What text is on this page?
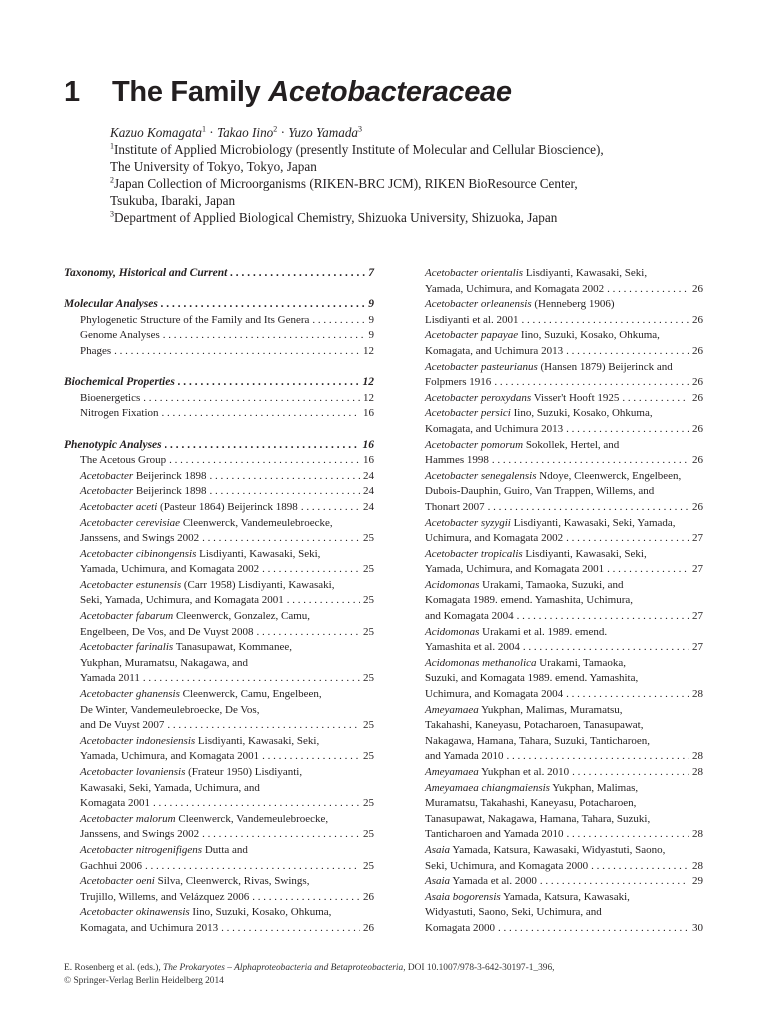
1 The Family Acetobacteraceae
Kazuo Komagata$^1$ · Takao Iino$^2$ · Yuzo Yamada$^3$
$^1$Institute of Applied Microbiology (presently Institute of Molecular and Cellular Bioscience),
The University of Tokyo, Tokyo, Japan
$^2$Japan Collection of Microorganisms (RIKEN-BRC JCM), RIKEN BioResource Center,
Tsukuba, Ibaraki, Japan
$^3$Department of Applied Biological Chemistry, Shizuoka University, Shizuoka, Japan
Taxonomy, Historical and Current . . .	7
Molecular Analyses . . .	9
Phylogenetic Structure of the Family and Its Genera . . .	9
Genome Analyses . . .	9
Phages . . .	12
Biochemical Properties . . .	12
Bioenergetics . . .	12
Nitrogen Fixation . . .	16
Phenotypic Analyses . . .	16
The Acetous Group . . .	16
Acetobacter Beijerinck 1898 . . .	24
Acetobacter Beijerinck 1898 . . .	24
Acetobacter aceti (Pasteur 1864) Beijerinck 1898 . . .	24
Acetobacter cerevisiae Cleenwerck, Vandemeulebroecke,
Janssens, and Swings 2002 . . .	25
Acetobacter cibinongensis Lisdiyanti, Kawasaki, Seki,
Yamada, Uchimura, and Komagata 2002 . . .	25
Acetobacter estunensis (Carr 1958) Lisdiyanti, Kawasaki,
Seki, Yamada, Uchimura, and Komagata 2001 . . .	25
Acetobacter fabarum Cleenwerck, Gonzalez, Camu,
Engelbeen, De Vos, and De Vuyst 2008 . . .	25
Acetobacter farinalis Tanasupawat, Kommanee,
Yukphan, Muramatsu, Nakagawa, and
Yamada 2011 . . .	25
Acetobacter ghanensis Cleenwerck, Camu, Engelbeen,
De Winter, Vandemeulebroecke, De Vos,
and De Vuyst 2007 . . .	25
Acetobacter indonesiensis Lisdiyanti, Kawasaki, Seki,
Yamada, Uchimura, and Komagata 2001 . . .	25
Acetobacter lovaniensis (Frateur 1950) Lisdiyanti,
Kawasaki, Seki, Yamada, Uchimura, and
Komagata 2001 . . .	25
Acetobacter malorum Cleenwerck, Vandemeulebroecke,
Janssens, and Swings 2002 . . .	25
Acetobacter nitrogenifigens Dutta and
Gachhui 2006 . . .	25
Acetobacter oeni Silva, Cleenwerck, Rivas, Swings,
Trujillo, Willems, and Velázquez 2006 . . .	26
Acetobacter okinawensis Iino, Suzuki, Kosako, Ohkuma,
Komagata, and Uchimura 2013 . . .	26
Acetobacter orientalis Lisdiyanti, Kawasaki, Seki,
Yamada, Uchimura, and Komagata 2002 . . .	26
Acetobacter orleanensis (Henneberg 1906)
Lisdiyanti et al. 2001 . . .	26
Acetobacter papayae Iino, Suzuki, Kosako, Ohkuma,
Komagata, and Uchimura 2013 . . .	26
Acetobacter pasteurianus (Hansen 1879) Beijerinck and
Folpmers 1916 . . .	26
Acetobacter peroxydans Visser't Hooft 1925 . . .	26
Acetobacter persici Iino, Suzuki, Kosako, Ohkuma,
Komagata, and Uchimura 2013 . . .	26
Acetobacter pomorum Sokollek, Hertel, and
Hammes 1998 . . .	26
Acetobacter senegalensis Ndoye, Cleenwerck, Engelbeen,
Dubois-Dauphin, Guiro, Van Trappen, Willems, and
Thonart 2007 . . .	26
Acetobacter syzygii Lisdiyanti, Kawasaki, Seki, Yamada,
Uchimura, and Komagata 2002 . . .	27
Acetobacter tropicalis Lisdiyanti, Kawasaki, Seki,
Yamada, Uchimura, and Komagata 2001 . . .	27
Acidomonas Urakami, Tamaoka, Suzuki, and
Komagata 1989. emend. Yamashita, Uchimura,
and Komagata 2004 . . .	27
Acidomonas Urakami et al. 1989. emend.
Yamashita et al. 2004 . . .	27
Acidomonas methanolica Urakami, Tamaoka,
Suzuki, and Komagata 1989. emend. Yamashita,
Uchimura, and Komagata 2004 . . .	28
Ameyamaea Yukphan, Malimas, Muramatsu,
Takahashi, Kaneyasu, Potacharoen, Tanasupawat,
Nakagawa, Hamana, Tahara, Suzuki, Tanticharoen,
and Yamada 2010 . . .	28
Ameyamaea Yukphan et al. 2010 . . .	28
Ameyamaea chiangmaiensis Yukphan, Malimas,
Muramatsu, Takahashi, Kaneyasu, Potacharoen,
Tanasupawat, Nakagawa, Hamana, Tahara, Suzuki,
Tanticharoen and Yamada 2010 . . .	28
Asaia Yamada, Katsura, Kawasaki, Widyastuti, Saono,
Seki, Uchimura, and Komagata 2000 . . .	28
Asaia Yamada et al. 2000 . . .	29
Asaia bogorensis Yamada, Katsura, Kawasaki,
Widyastuti, Saono, Seki, Uchimura, and
Komagata 2000 . . .	30
E. Rosenberg et al. (eds.), The Prokaryotes – Alphaproteobacteria and Betaproteobacteria, DOI 10.1007/978-3-642-30197-1_396,
© Springer-Verlag Berlin Heidelberg 2014
